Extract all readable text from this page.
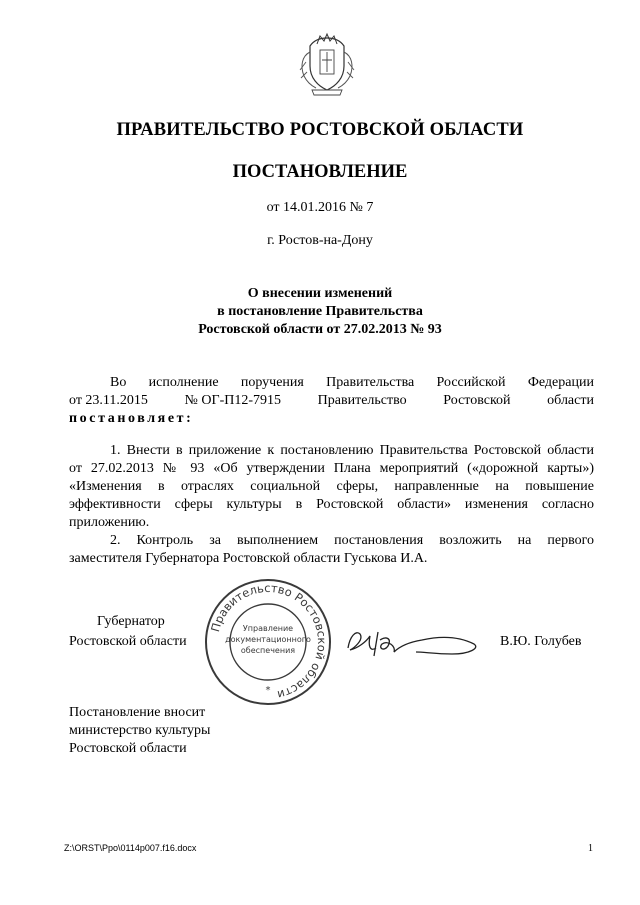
ПРАВИТЕЛЬСТВО РОСТОВСКОЙ ОБЛАСТИ
ПОСТАНОВЛЕНИЕ
от 14.01.2016 № 7
г. Ростов-на-Дону
О внесении изменений
в постановление Правительства
Ростовской области от 27.02.2013 № 93
Во исполнение поручения Правительства Российской Федерации
от 23.11.2015	№ ОГ-П12-7915	Правительство	Ростовской	области
постановляет:
1. Внести в приложение к постановлению Правительства Ростовской области
от 27.02.2013 № 93 «Об утверждении Плана мероприятий («дорожной карты»)
«Изменения в отраслях социальной сферы, направленные на повышение
эффективности сферы культуры в Ростовской области» изменения согласно
приложению.
2. Контроль за выполнением постановления возложить на первого
заместителя Губернатора Ростовской области Гуськова И.А.
Губернатор
Ростовской области	В.Ю. Голубев
Правительство Ростовской области
Управление
документационного
обеспечения
*
Постановление вносит
министерство культуры
Ростовской области
Z:\ORST\Ppo\0114p007.f16.docx	1
